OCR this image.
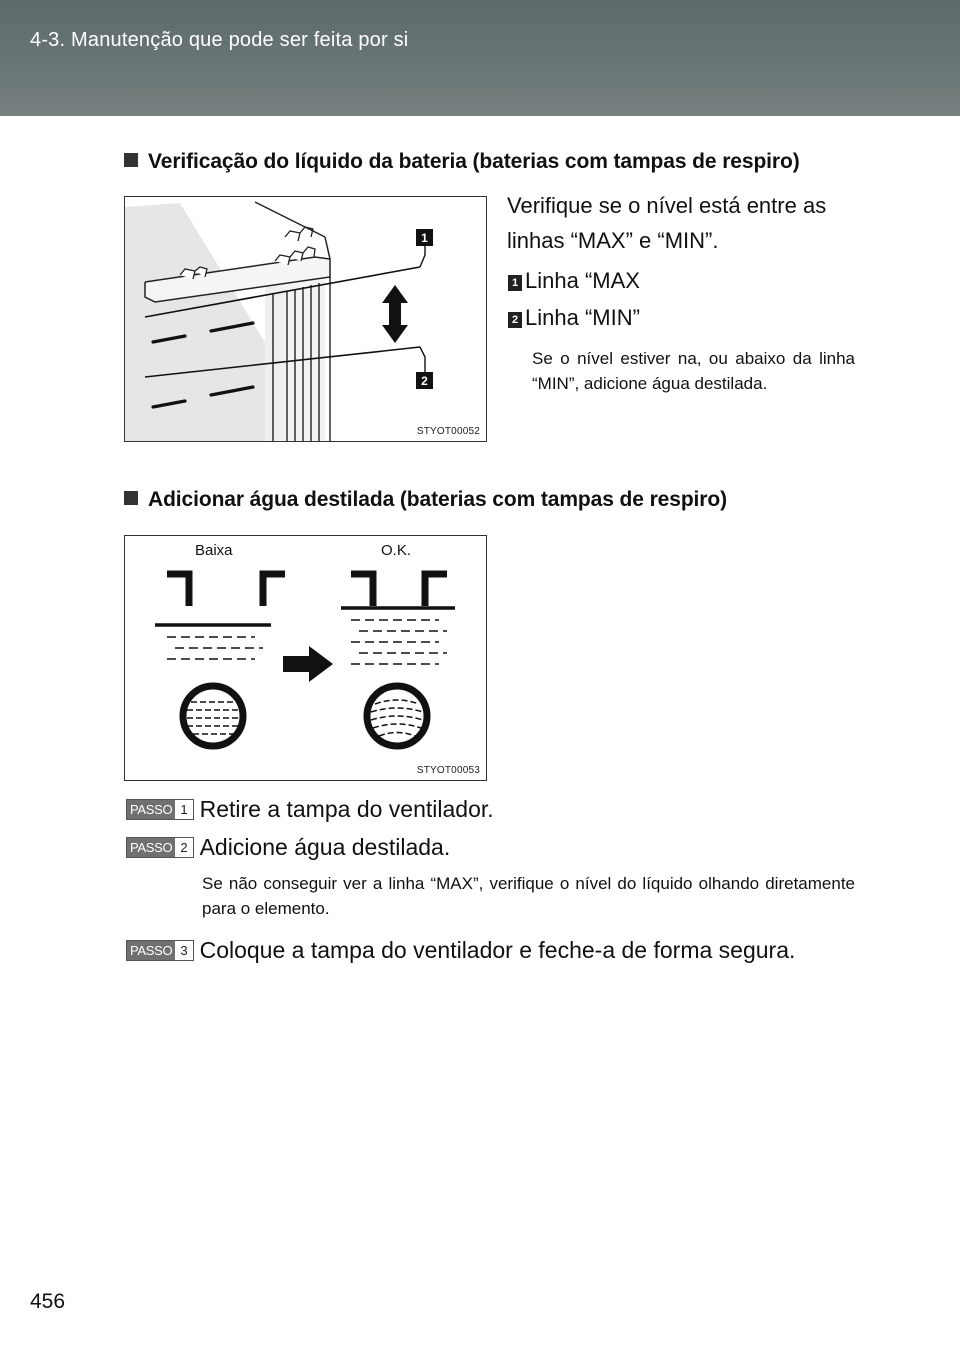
4-3. Manutenção que pode ser feita por si
Verificação do líquido da bateria (baterias com tampas de respiro)
1
2
STYOT00052
Verifique se o nível está entre as linhas “MAX” e “MIN”.
1 Linha “MAX
2 Linha “MIN”
Se o nível estiver na, ou abaixo da linha “MIN”, adicione água destilada.
Adicionar água destilada (baterias com tampas de respiro)
Baixa	O.K.
STYOT00053
PASSO 1 Retire a tampa do ventilador.
PASSO 2 Adicione água destilada.
Se não conseguir ver a linha “MAX”, verifique o nível do líquido olhando diretamente para o elemento.
PASSO 3 Coloque a tampa do ventilador e feche-a de forma segura.
456
